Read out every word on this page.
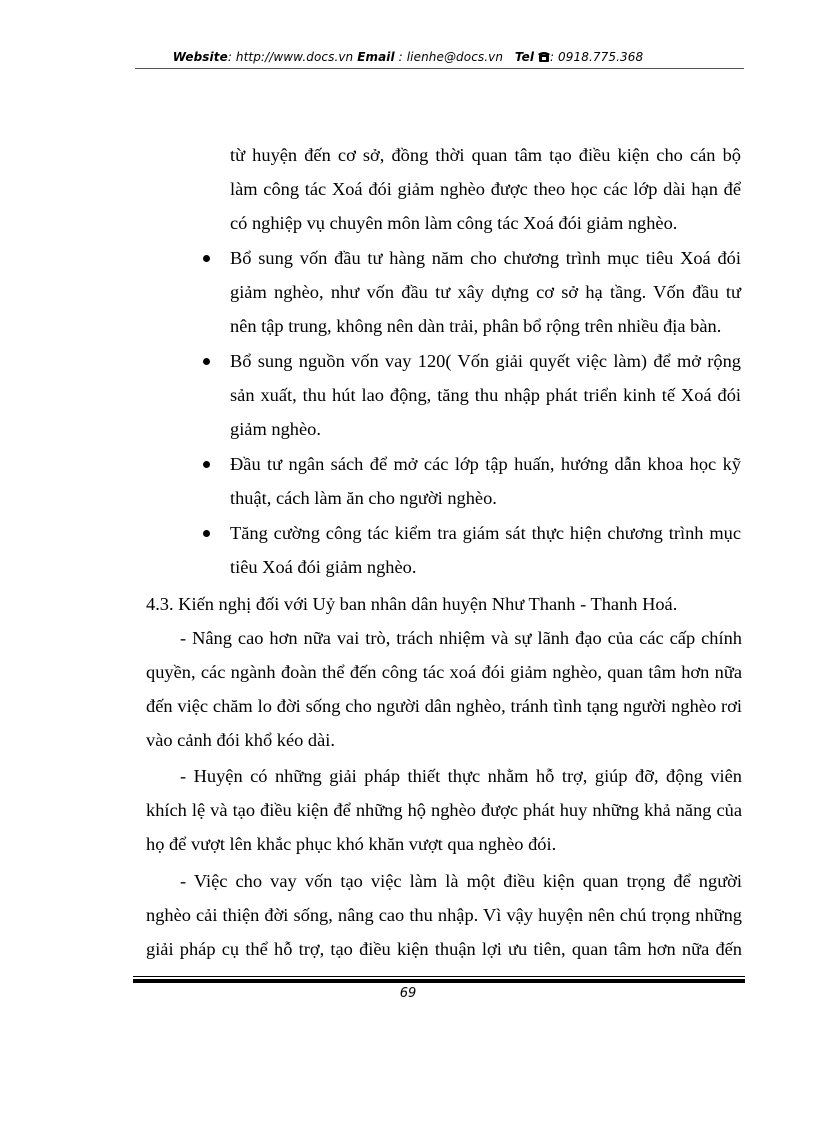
Website: http://www.docs.vn Email : lienhe@docs.vn Tel : 0918.775.368
từ huyện đến cơ sở, đồng thời quan tâm tạo điều kiện cho cán bộ
làm công tác Xoá đói giảm nghèo được theo học các lớp dài hạn để
có nghiệp vụ chuyên môn làm công tác Xoá đói giảm nghèo.
Bổ sung vốn đầu tư hàng năm cho chương trình mục tiêu Xoá đói
giảm nghèo, như vốn đầu tư xây dựng cơ sở hạ tầng. Vốn đầu tư
nên tập trung, không nên dàn trải, phân bổ rộng trên nhiều địa bàn.
Bổ sung nguồn vốn vay 120( Vốn giải quyết việc làm) để mở rộng
sản xuất, thu hút lao động, tăng thu nhập phát triển kinh tế Xoá đói
giảm nghèo.
Đầu tư ngân sách để mở các lớp tập huấn, hướng dẫn khoa học kỹ
thuật, cách làm ăn cho người nghèo.
Tăng cường công tác kiểm tra giám sát thực hiện chương trình mục
tiêu Xoá đói giảm nghèo.
4.3. Kiến nghị đối với Uỷ ban nhân dân huyện Như Thanh - Thanh Hoá.
- Nâng cao hơn nữa vai trò, trách nhiệm và sự lãnh đạo của các cấp chính
quyền, các ngành đoàn thể đến công tác xoá đói giảm nghèo, quan tâm hơn nữa
đến việc chăm lo đời sống cho người dân nghèo, tránh tình tạng người nghèo rơi
vào cảnh đói khổ kéo dài.
- Huyện có những giải pháp thiết thực nhằm hỗ trợ, giúp đỡ, động viên
khích lệ và tạo điều kiện để những hộ nghèo được phát huy những khả năng của
họ để vượt lên khắc phục khó khăn vượt qua nghèo đói.
- Việc cho vay vốn tạo việc làm là một điều kiện quan trọng để người
nghèo cải thiện đời sống, nâng cao thu nhập. Vì vậy huyện nên chú trọng những
giải pháp cụ thể hỗ trợ, tạo điều kiện thuận lợi ưu tiên, quan tâm hơn nữa đến
69
